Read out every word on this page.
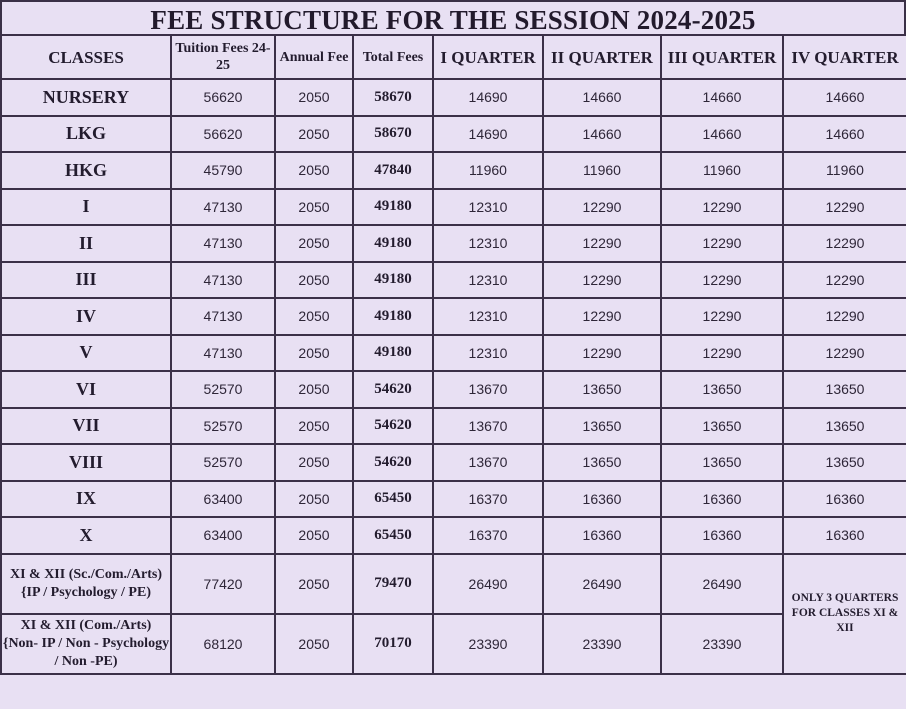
FEE STRUCTURE FOR THE SESSION 2024-2025
CLASSES	Tuition Fees 24-25	Annual Fee	Total Fees	I QUARTER	II QUARTER	III QUARTER	IV QUARTER
NURSERY	56620	2050	58670	14690	14660	14660	14660
LKG	56620	2050	58670	14690	14660	14660	14660
HKG	45790	2050	47840	11960	11960	11960	11960
I	47130	2050	49180	12310	12290	12290	12290
II	47130	2050	49180	12310	12290	12290	12290
III	47130	2050	49180	12310	12290	12290	12290
IV	47130	2050	49180	12310	12290	12290	12290
V	47130	2050	49180	12310	12290	12290	12290
VI	52570	2050	54620	13670	13650	13650	13650
VII	52570	2050	54620	13670	13650	13650	13650
VIII	52570	2050	54620	13670	13650	13650	13650
IX	63400	2050	65450	16370	16360	16360	16360
X	63400	2050	65450	16370	16360	16360	16360
XI & XII (Sc./Com./Arts) {IP / Psychology / PE)	77420	2050	79470	26490	26490	26490	ONLY 3 QUARTERS FOR CLASSES XI & XII
XI & XII (Com./Arts) {Non- IP / Non - Psychology / Non -PE)	68120	2050	70170	23390	23390	23390	
